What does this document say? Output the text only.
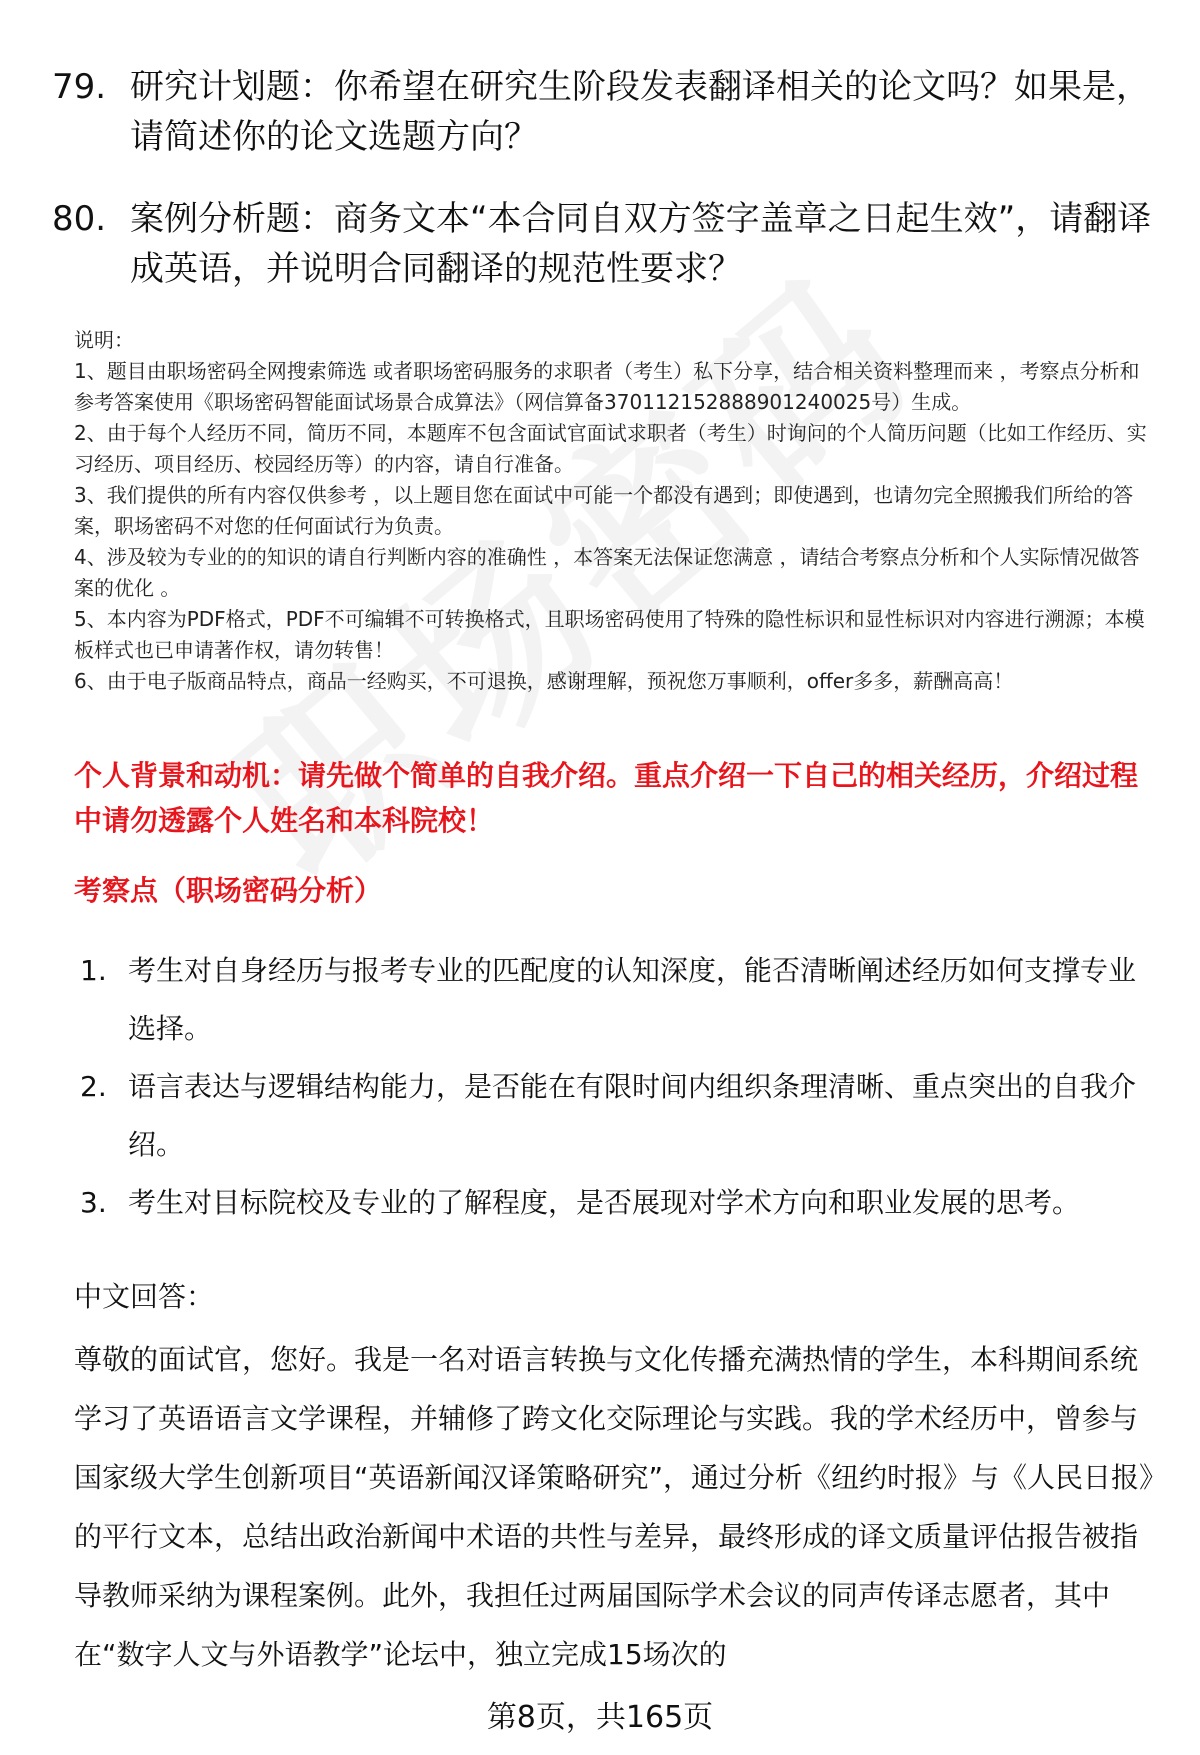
79. 研究计划题：你希望在研究生阶段发表翻译相关的论文吗？如果是，请简述你的论文选题方向？
80. 案例分析题：商务文本“本合同自双方签字盖章之日起生效”，请翻译成英语，并说明合同翻译的规范性要求？

说明：

1、题目由职场密码全网搜索筛选 或者职场密码服务的求职者（考生）私下分享，结合相关资料整理而来 ，考察点分析和参考答案使用《职场密码智能面试场景合成算法》（网信算备370112152888901240025号）生成。

2、由于每个人经历不同，简历不同，本题库不包含面试官面试求职者（考生）时询问的个人简历问题（比如工作经历、实习经历、项目经历、校园经历等）的内容，请自行准备。

3、我们提供的所有内容仅供参考 ，以上题目您在面试中可能一个都没有遇到；即使遇到，也请勿完全照搬我们所给的答案，职场密码不对您的任何面试行为负责。

4、涉及较为专业的的知识的请自行判断内容的准确性 ，本答案无法保证您满意 ，请结合考察点分析和个人实际情况做答案的优化 。

5、本内容为PDF格式，PDF不可编辑不可转换格式，且职场密码使用了特殊的隐性标识和显性标识对内容进行溯源；本模板样式也已申请著作权，请勿转售！

6、由于电子版商品特点，商品一经购买，不可退换，感谢理解，预祝您万事顺利，offer多多，薪酬高高！

个人背景和动机：请先做个简单的自我介绍。重点介绍一下自己的相关经历，介绍过程中请勿透露个人姓名和本科院校！
考察点（职场密码分析）
1. 考生对自身经历与报考专业的匹配度的认知深度，能否清晰阐述经历如何支撑专业选择。
2. 语言表达与逻辑结构能力，是否能在有限时间内组织条理清晰、重点突出的自我介绍。
3. 考生对目标院校及专业的了解程度，是否展现对学术方向和职业发展的思考。
中文回答：

尊敬的面试官，您好。我是一名对语言转换与文化传播充满热情的学生，本科期间系统学习了英语语言文学课程，并辅修了跨文化交际理论与实践。我的学术经历中，曾参与国家级大学生创新项目“英语新闻汉译策略研究”，通过分析《纽约时报》与《人民日报》的平行文本，总结出政治新闻中术语的共性与差异，最终形成的译文质量评估报告被指导教师采纳为课程案例。此外，我担任过两届国际学术会议的同声传译志愿者，其中在“数字人文与外语教学”论坛中，独立完成15场次的

第8页，共165页
